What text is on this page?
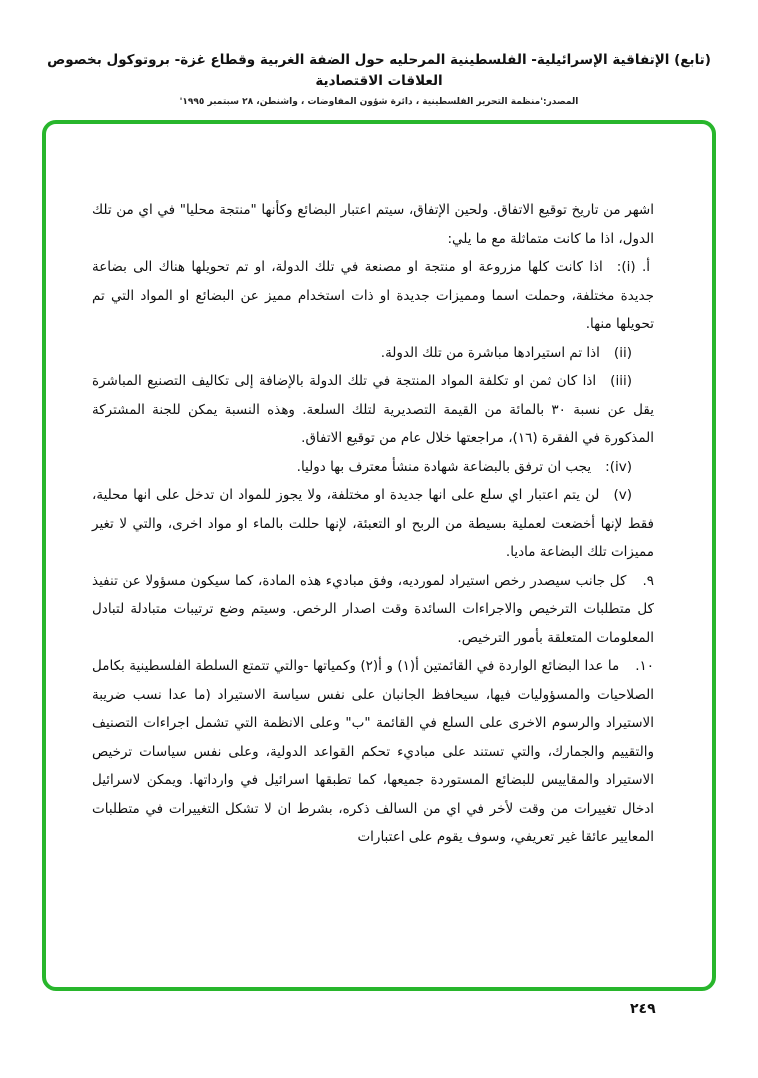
(تابع) الإتفاقية الإسرائيلية- الفلسطينية المرحليه حول الضفة الغربية وقطاع غزة- بروتوكول بخصوص العلاقات الاقتصادية
المصدر:'منظمة التحرير الفلسطينية ، دائرة شؤون المفاوضات ، واشنطن، ٢٨ سبتمبر ١٩٩٥'

اشهر من تاريخ توقيع الاتفاق. ولحين الإتفاق، سيتم اعتبار البضائع وكأنها "منتجة محليا" في اي من تلك الدول، اذا ما كانت متماثلة مع ما يلي:

أ. (i):اذا كانت كلها مزروعة او منتجة او مصنعة في تلك الدولة، او تم تحويلها هناك الى بضاعة جديدة مختلفة، وحملت اسما ومميزات جديدة او ذات استخدام مميز عن البضائع او المواد التي تم تحويلها منها.
(ii)اذا تم استيرادها مباشرة من تلك الدولة.
(iii)اذا كان ثمن او تكلفة المواد المنتجة في تلك الدولة بالإضافة إلى تكاليف التصنيع المباشرة يقل عن نسبة ٣٠ بالمائة من القيمة التصديرية لتلك السلعة. وهذه النسبة يمكن للجنة المشتركة المذكورة في الفقرة (١٦)، مراجعتها خلال عام من توقيع الاتفاق.
(iv):يجب ان ترفق بالبضاعة شهادة منشأ معترف بها دوليا.
(v)لن يتم اعتبار اي سلع على انها جديدة او مختلفة، ولا يجوز للمواد ان تدخل على انها محلية، فقط لإنها أخضعت لعملية بسيطة من الربح او التعبئة، لإنها حللت بالماء او مواد اخرى، والتي لا تغير مميزات تلك البضاعة ماديا.
٩.كل جانب سيصدر رخص استيراد لمورديه، وفق مباديء هذه المادة، كما سيكون مسؤولا عن تنفيذ كل متطلبات الترخيص والاجراءات السائدة وقت اصدار الرخص. وسيتم وضع ترتيبات متبادلة لتبادل المعلومات المتعلقة بأمور الترخيص.
١٠.ما عدا البضائع الواردة في القائمتين أ(١) و أ(٢) وكمياتها -والتي تتمتع السلطة الفلسطينية بكامل الصلاحيات والمسؤوليات فيها، سيحافظ الجانبان على نفس سياسة الاستيراد (ما عدا نسب ضريبة الاستيراد والرسوم الاخرى على السلع في القائمة "ب" وعلى الانظمة التي تشمل اجراءات التصنيف والتقييم والجمارك، والتي تستند على مباديء تحكم القواعد الدولية، وعلى نفس سياسات ترخيص الاستيراد والمقاييس للبضائع المستوردة جميعها، كما تطبقها اسرائيل في وارداتها. ويمكن لاسرائيل ادخال تغييرات من وقت لأخر في اي من السالف ذكره، بشرط ان لا تشكل التغييرات في متطلبات المعايير عائقا غير تعريفي، وسوف يقوم على اعتبارات
٢٤٩
